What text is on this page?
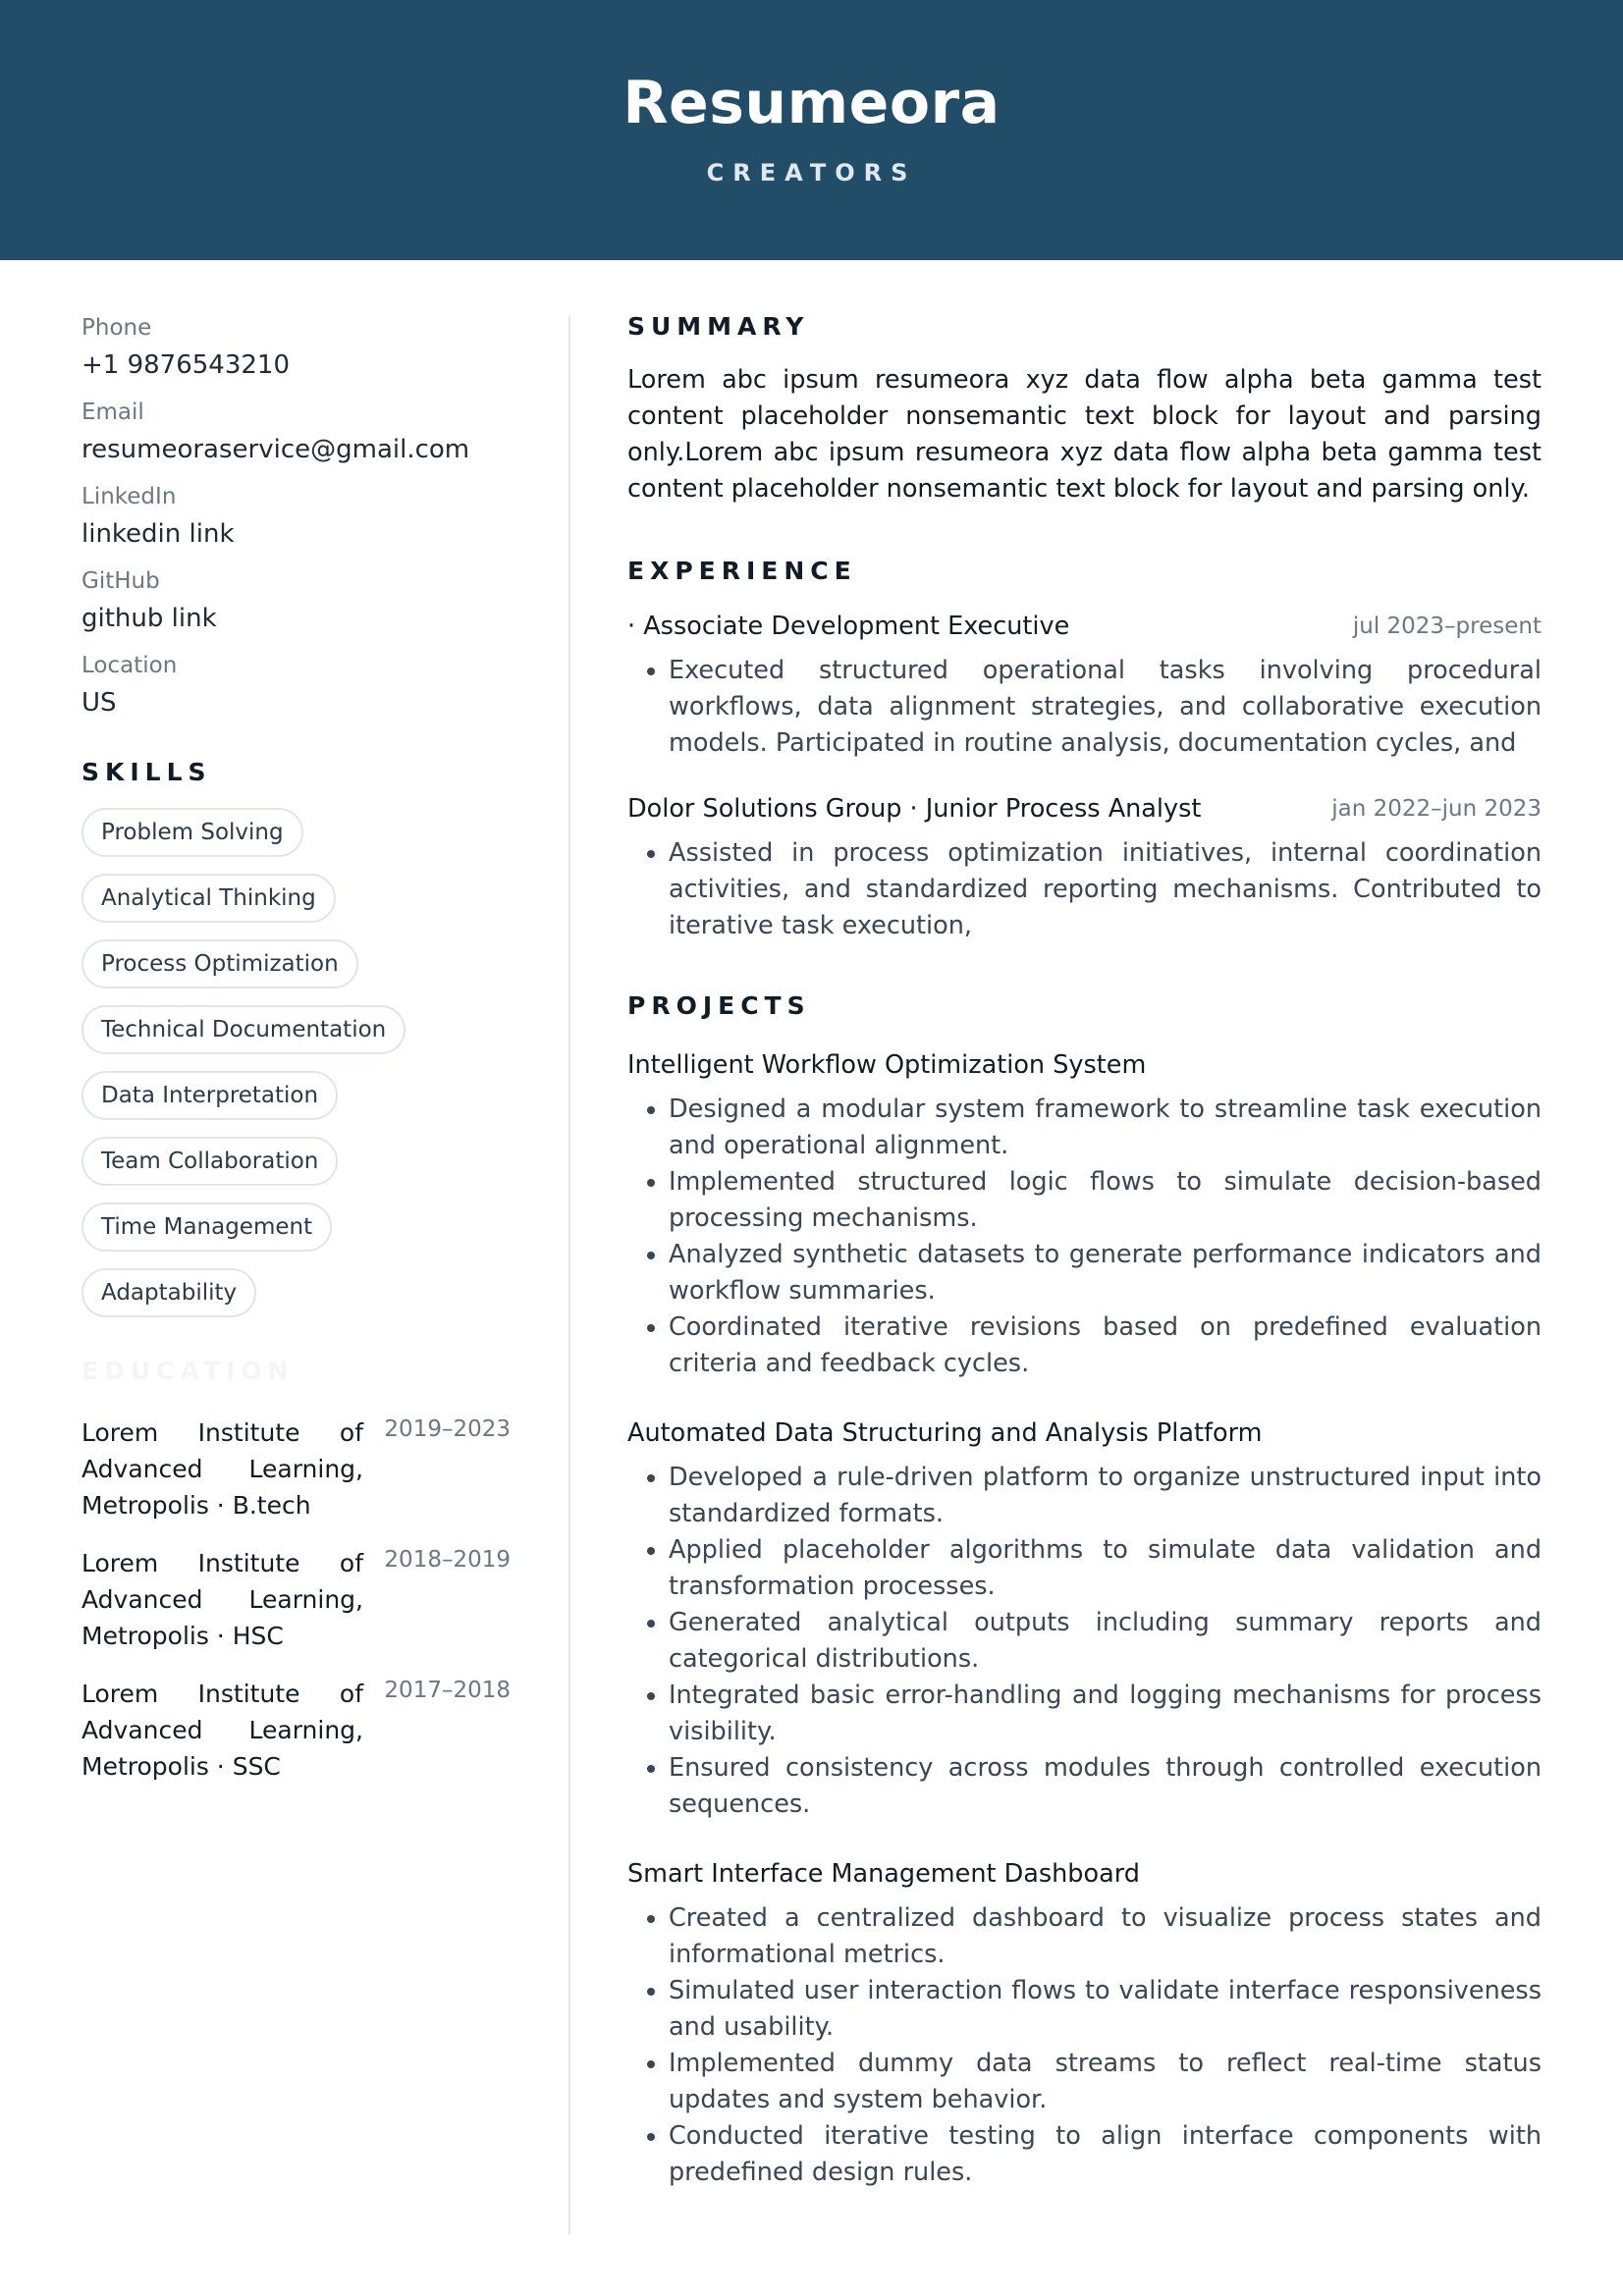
Resumeora
CREATORS
Phone
+1 9876543210
Email
resumeoraservice@gmail.com
LinkedIn
linkedin link
GitHub
github link
Location
US
SKILLS
Problem Solving
Analytical Thinking
Process Optimization
Technical Documentation
Data Interpretation
Team Collaboration
Time Management
Adaptability
EDUCATION
Lorem Institute of Advanced Learning, Metropolis · B.tech
2019–2023
Lorem Institute of Advanced Learning, Metropolis · HSC
2018–2019
Lorem Institute of Advanced Learning, Metropolis · SSC
2017–2018
SUMMARY

Lorem abc ipsum resumeora xyz data flow alpha beta gamma test content placeholder nonsemantic text block for layout and parsing only.Lorem abc ipsum resumeora xyz data flow alpha beta gamma test content placeholder nonsemantic text block for layout and parsing only.

EXPERIENCE
· Associate Development Executive	jul 2023–present
• Executed structured operational tasks involving procedural workflows, data alignment strategies, and collaborative execution models. Participated in routine analysis, documentation cycles, and
Dolor Solutions Group · Junior Process Analyst	jan 2022–jun 2023
• Assisted in process optimization initiatives, internal coordination activities, and standardized reporting mechanisms. Contributed to iterative task execution,
PROJECTS
Intelligent Workflow Optimization System
• Designed a modular system framework to streamline task execution and operational alignment.
• Implemented structured logic flows to simulate decision-based processing mechanisms.
• Analyzed synthetic datasets to generate performance indicators and workflow summaries.
• Coordinated iterative revisions based on predefined evaluation criteria and feedback cycles.
Automated Data Structuring and Analysis Platform
• Developed a rule-driven platform to organize unstructured input into standardized formats.
• Applied placeholder algorithms to simulate data validation and transformation processes.
• Generated analytical outputs including summary reports and categorical distributions.
• Integrated basic error-handling and logging mechanisms for process visibility.
• Ensured consistency across modules through controlled execution sequences.
Smart Interface Management Dashboard
• Created a centralized dashboard to visualize process states and informational metrics.
• Simulated user interaction flows to validate interface responsiveness and usability.
• Implemented dummy data streams to reflect real-time status updates and system behavior.
• Conducted iterative testing to align interface components with predefined design rules.
